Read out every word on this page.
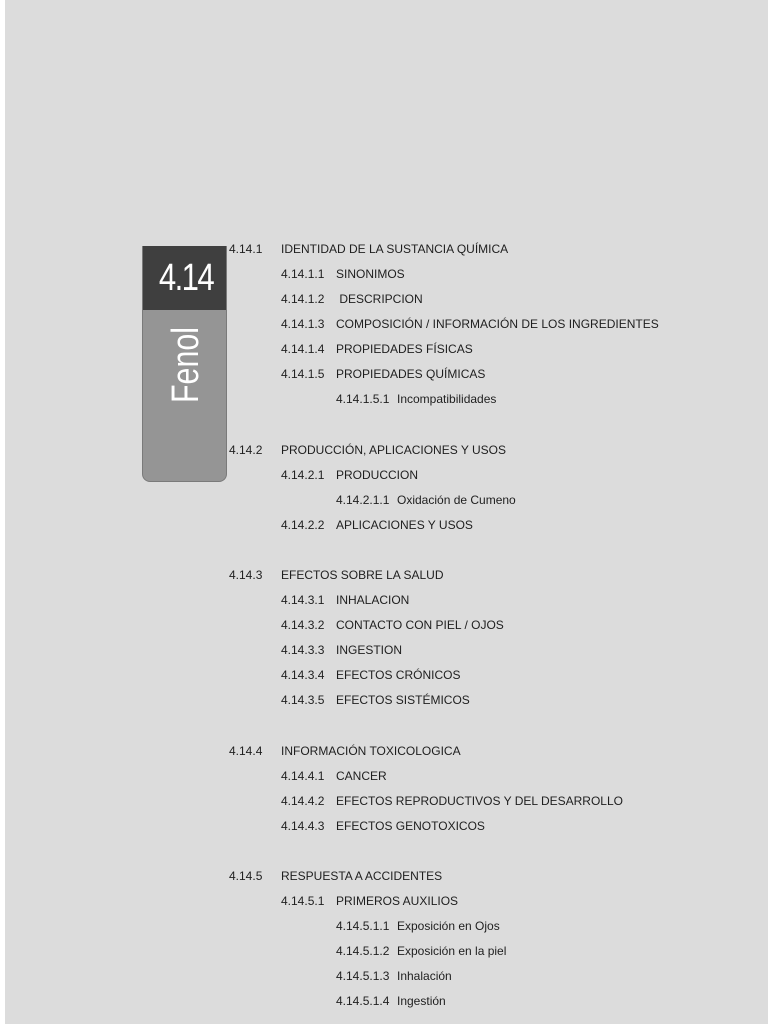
4.14
Fenol
4.14.1 IDENTIDAD DE LA SUSTANCIA QUÍMICA
4.14.1.1 SINONIMOS
4.14.1.2 DESCRIPCION
4.14.1.3 COMPOSICIÓN / INFORMACIÓN DE LOS INGREDIENTES
4.14.1.4 PROPIEDADES FÍSICAS
4.14.1.5 PROPIEDADES QUÍMICAS
4.14.1.5.1 Incompatibilidades
4.14.2 PRODUCCIÓN, APLICACIONES Y USOS
4.14.2.1 PRODUCCION
4.14.2.1.1 Oxidación de Cumeno
4.14.2.2 APLICACIONES Y USOS
4.14.3 EFECTOS SOBRE LA SALUD
4.14.3.1 INHALACION
4.14.3.2 CONTACTO CON PIEL / OJOS
4.14.3.3 INGESTION
4.14.3.4 EFECTOS CRÓNICOS
4.14.3.5 EFECTOS SISTÉMICOS
4.14.4 INFORMACIÓN TOXICOLOGICA
4.14.4.1 CANCER
4.14.4.2 EFECTOS REPRODUCTIVOS Y DEL DESARROLLO
4.14.4.3 EFECTOS GENOTOXICOS
4.14.5 RESPUESTA A ACCIDENTES
4.14.5.1 PRIMEROS AUXILIOS
4.14.5.1.1 Exposición en Ojos
4.14.5.1.2 Exposición en la piel
4.14.5.1.3 Inhalación
4.14.5.1.4 Ingestión
